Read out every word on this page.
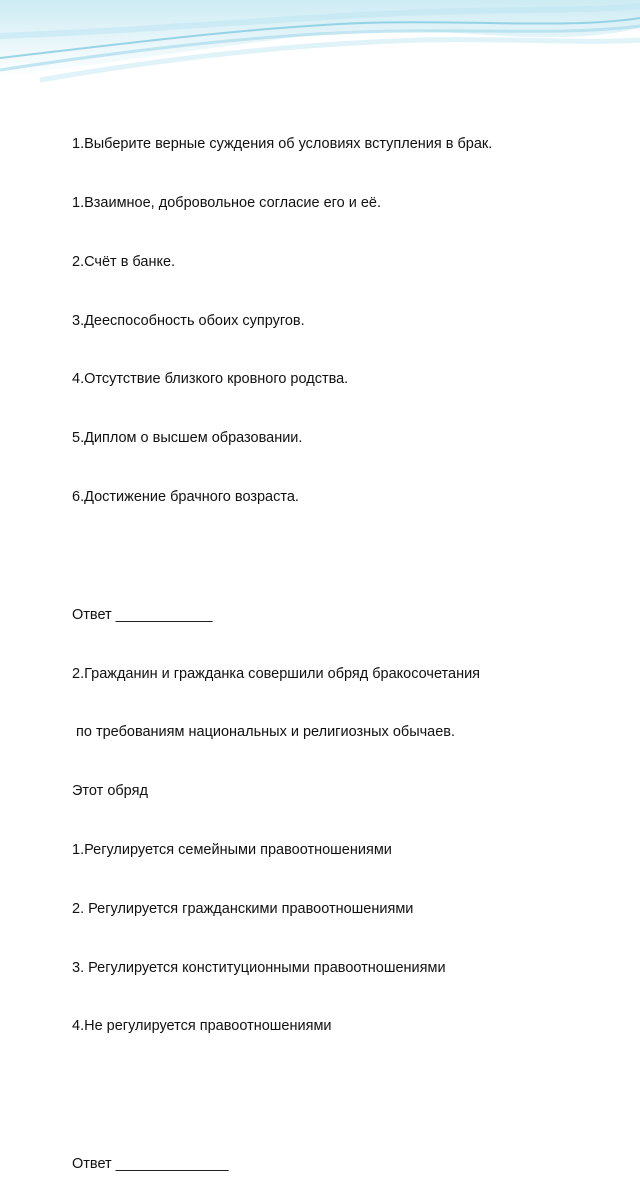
1.Выберите верные суждения об условиях вступления в брак.

1.Взаимное, добровольное согласие его и её.

2.Счёт в банке.

3.Дееспособность обоих супругов.

4.Отсутствие близкого кровного родства.

5.Диплом о высшем образовании.

6.Достижение брачного возраста.

Ответ ____________

2.Гражданин и гражданка совершили обряд бракосочетания

по требованиям национальных и религиозных обычаев.

Этот обряд

1.Регулируется семейными правоотношениями

2. Регулируется гражданскими правоотношениями

3. Регулируется конституционными правоотношениями

4.Не регулируется правоотношениями

Ответ ______________
